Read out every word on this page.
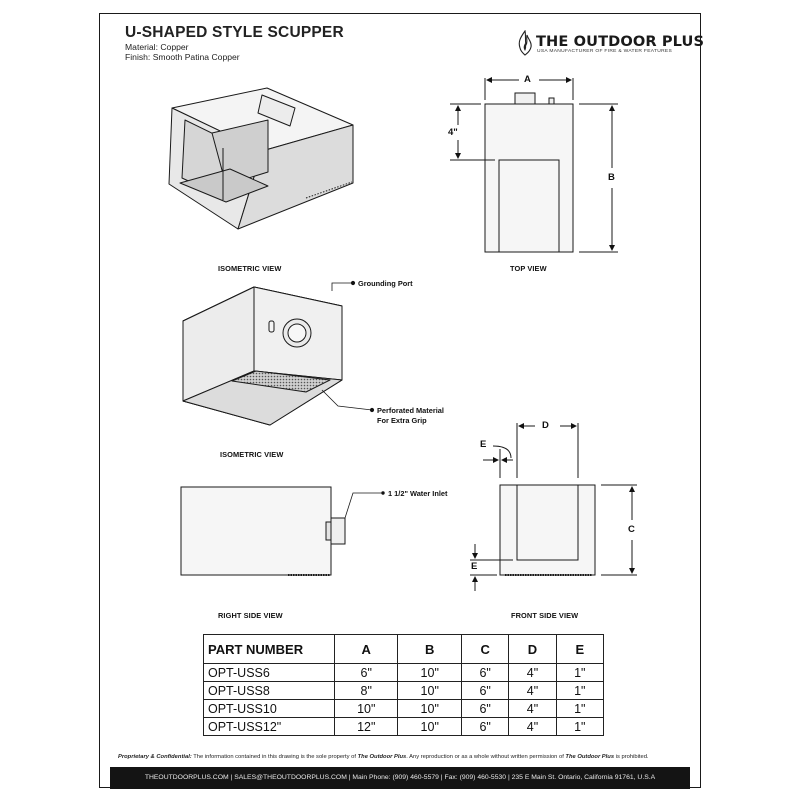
U-SHAPED STYLE SCUPPER
Material: Copper
Finish: Smooth Patina Copper
THE OUTDOOR PLUS
USA MANUFACTURER OF FIRE & WATER FEATURES
ISOMETRIC VIEW	TOP VIEW
ISOMETRIC VIEW
RIGHT SIDE VIEW	FRONT SIDE VIEW
A
B
4"
C
D
E
E
Grounding Port
Perforated Material
For Extra Grip
1 1/2" Water Inlet
PART NUMBER	A	B	C	D	E
OPT-USS6	6"	10"	6"	4"	1"
OPT-USS8	8"	10"	6"	4"	1"
OPT-USS10	10"	10"	6"	4"	1"
OPT-USS12"	12"	10"	6"	4"	1"
Proprietary & Confidential: The information contained in this drawing is the sole property of The Outdoor Plus. Any reproduction or as a whole without written permission of The Outdoor Plus is prohibited.
THEOUTDOORPLUS.COM | SALES@THEOUTDOORPLUS.COM | Main Phone: (909) 460-5579 | Fax: (909) 460-5530 | 235 E Main St. Ontario, California 91761, U.S.A
